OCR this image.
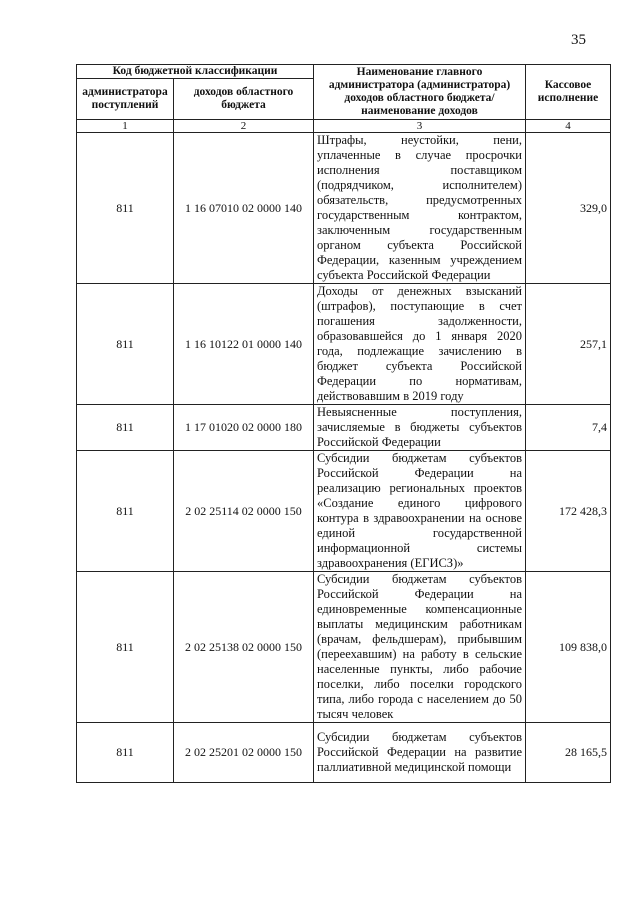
35
Код бюджетной классификации		Наименование главного администратора (администратора) доходов областного бюджета/ наименование доходов	Кассовое исполнение
администратора поступлений	доходов областного бюджета		
1	2	3	4
811	1 16 07010 02 0000 140	Штрафы, неустойки, пени, уплаченные в случае просрочки исполнения поставщиком (подрядчиком, исполнителем) обязательств, предусмотренных государственным контрактом, заключенным государственным органом субъекта Российской Федерации, казенным учреждением субъекта Российской Федерации	329,0
811	1 16 10122 01 0000 140	Доходы от денежных взысканий (штрафов), поступающие в счет погашения задолженности, образовавшейся до 1 января 2020 года, подлежащие зачислению в бюджет субъекта Российской Федерации по нормативам, действовавшим в 2019 году	257,1
811	1 17 01020 02 0000 180	Невыясненные поступления, зачисляемые в бюджеты субъектов Российской Федерации	7,4
811	2 02 25114 02 0000 150	Субсидии бюджетам субъектов Российской Федерации на реализацию региональных проектов «Создание единого цифрового контура в здравоохранении на основе единой государственной информационной системы здравоохранения (ЕГИСЗ)»	172 428,3
811	2 02 25138 02 0000 150	Субсидии бюджетам субъектов Российской Федерации на единовременные компенсационные выплаты медицинским работникам (врачам, фельдшерам), прибывшим (переехавшим) на работу в сельские населенные пункты, либо рабочие поселки, либо поселки городского типа, либо города с населением до 50 тысяч человек	109 838,0
811	2 02 25201 02 0000 150	Субсидии бюджетам субъектов Российской Федерации на развитие паллиативной медицинской помощи	28 165,5
